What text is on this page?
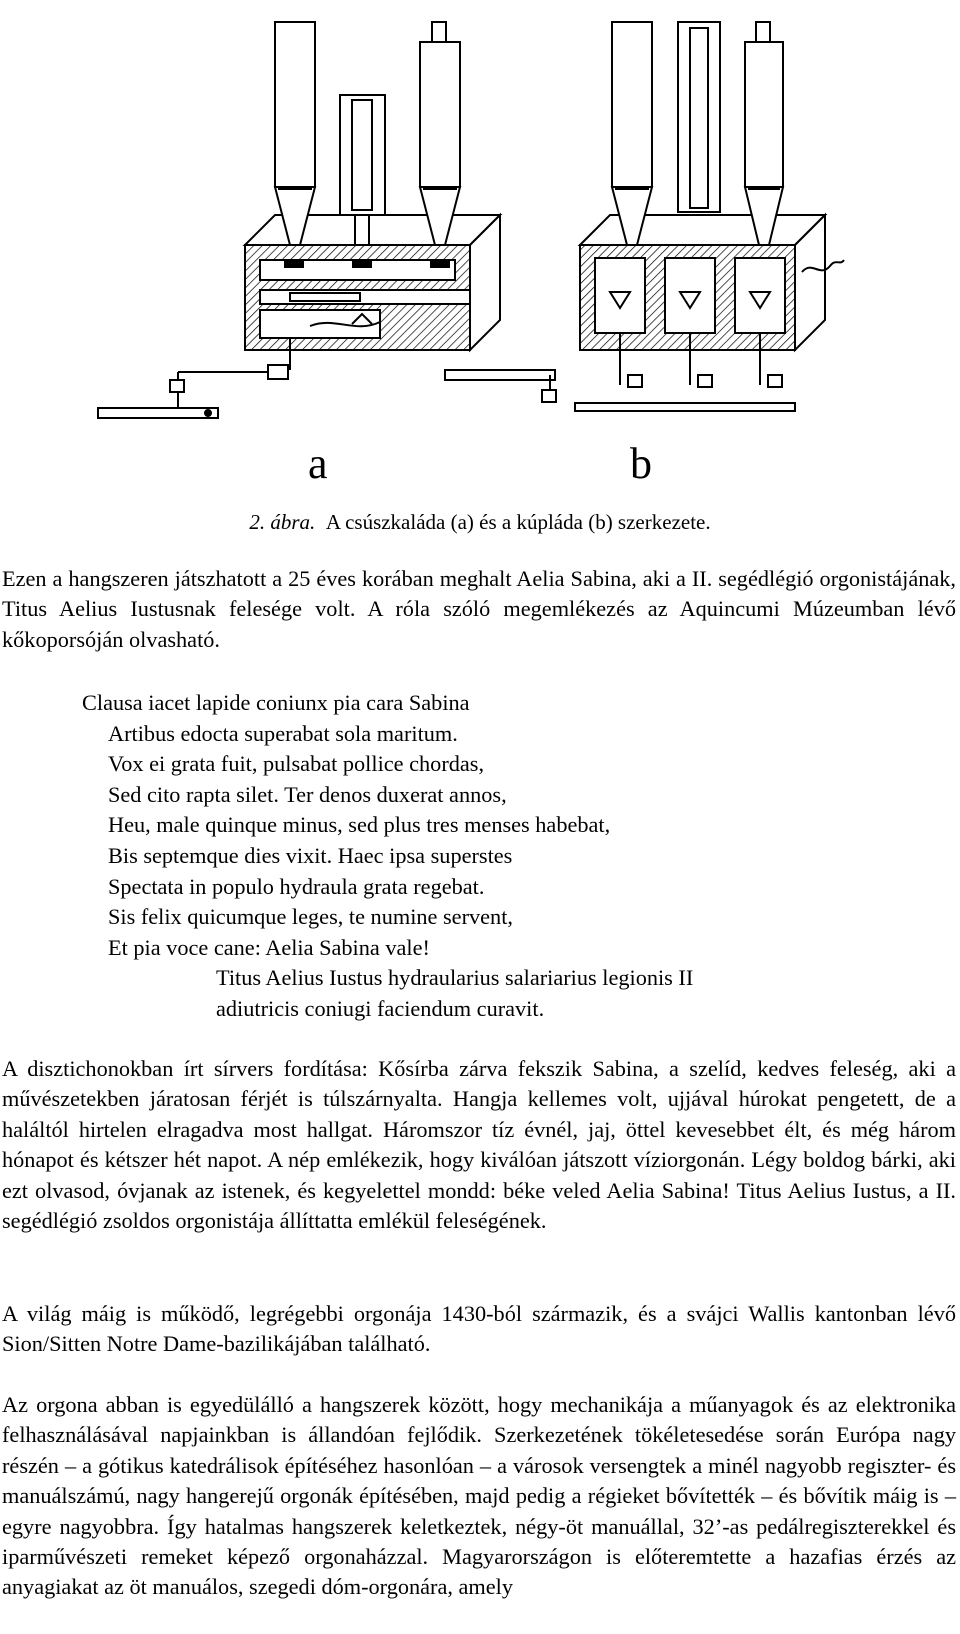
a	b
2. ábra. A csúszkaláda (a) és a kúpláda (b) szerkezete.

Ezen a hangszeren játszhatott a 25 éves korában meghalt Aelia Sabina, aki a II. segédlégió orgonistájának, Titus Aelius Iustusnak felesége volt. A róla szóló megemlékezés az Aquincumi Múzeumban lévő kőkoporsóján olvasható.

Clausa iacet lapide coniunx pia cara Sabina
Artibus edocta superabat sola maritum.
Vox ei grata fuit, pulsabat pollice chordas,
Sed cito rapta silet. Ter denos duxerat annos,
Heu, male quinque minus, sed plus tres menses habebat,
Bis septemque dies vixit. Haec ipsa superstes
Spectata in populo hydraula grata regebat.
Sis felix quicumque leges, te numine servent,
Et pia voce cane: Aelia Sabina vale!
Titus Aelius Iustus hydraularius salariarius legionis II
adiutricis coniugi faciendum curavit.

A disztichonokban írt sírvers fordítása: Kősírba zárva fekszik Sabina, a szelíd, kedves feleség, aki a művészetekben járatosan férjét is túlszárnyalta. Hangja kellemes volt, ujjával húrokat pengetett, de a haláltól hirtelen elragadva most hallgat. Háromszor tíz évnél, jaj, öttel kevesebbet élt, és még három hónapot és kétszer hét napot. A nép emlékezik, hogy kiválóan játszott víziorgonán. Légy boldog bárki, aki ezt olvasod, óvjanak az istenek, és kegyelettel mondd: béke veled Aelia Sabina! Titus Aelius Iustus, a II. segédlégió zsoldos orgonistája állíttatta emlékül feleségének.

A világ máig is működő, legrégebbi orgonája 1430-ból származik, és a svájci Wallis kantonban lévő Sion/Sitten Notre Dame-bazilikájában található.

Az orgona abban is egyedülálló a hangszerek között, hogy mechanikája a műanyagok és az elektronika felhasználásával napjainkban is állandóan fejlődik. Szerkezetének tökéletesedése során Európa nagy részén – a gótikus katedrálisok építéséhez hasonlóan – a városok versengtek a minél nagyobb regiszter- és manuálszámú, nagy hangerejű orgonák építésében, majd pedig a régieket bővítették – és bővítik máig is – egyre nagyobbra. Így hatalmas hangszerek keletkeztek, négy-öt manuállal, 32’-as pedálregiszterekkel és iparművészeti remeket képező orgonaházzal. Magyarországon is előteremtette a hazafias érzés az anyagiakat az öt manuálos, szegedi dóm-orgonára, amely
